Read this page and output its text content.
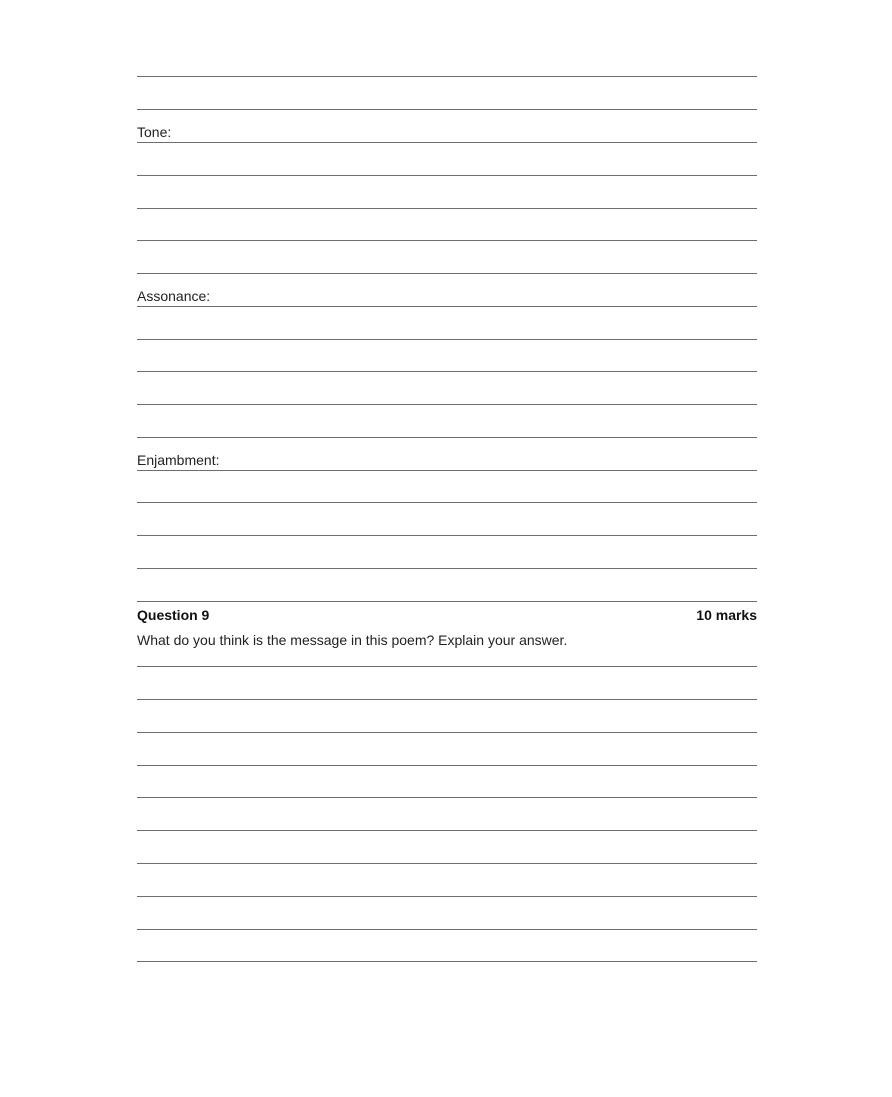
Tone:
Assonance:
Enjambment:
Question 9	10 marks
What do you think is the message in this poem? Explain your answer.
